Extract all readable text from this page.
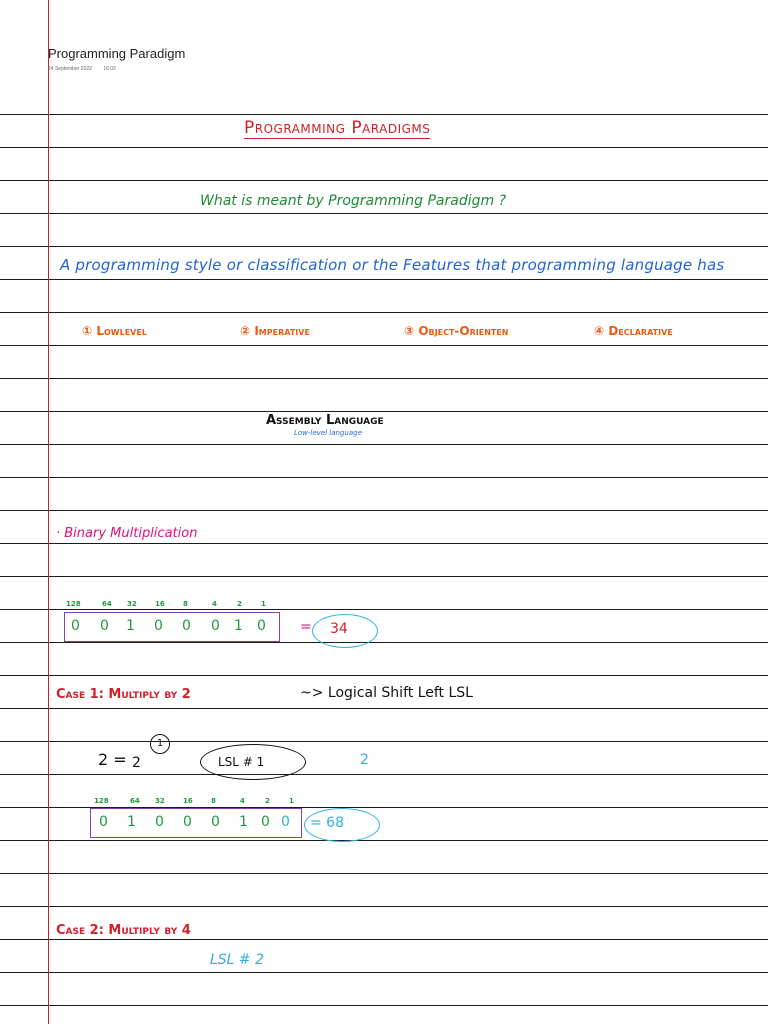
Programming Paradigm
24 September 2022 16:02
Programming Paradigms
What is meant by Programming Paradigm ?
A programming style or classification or the Features that programming language has
① Lowlevel	② Imperative	③ Object-Orienten	④ Declarative
Assembly Language
Low-level language
· Binary Multiplication
128	64 32	16	8	4	2	1
0 0 1 0 0 0 1 0 = 34
Case 1: Multiply by 2	~> Logical Shift Left LSL
2 =
1
2	LSL # 1	2
128	64 32	16	8	4	2	1
0 1 0 0 0 1 0 0 = 68
Case 2: Multiply by 4
LSL # 2
